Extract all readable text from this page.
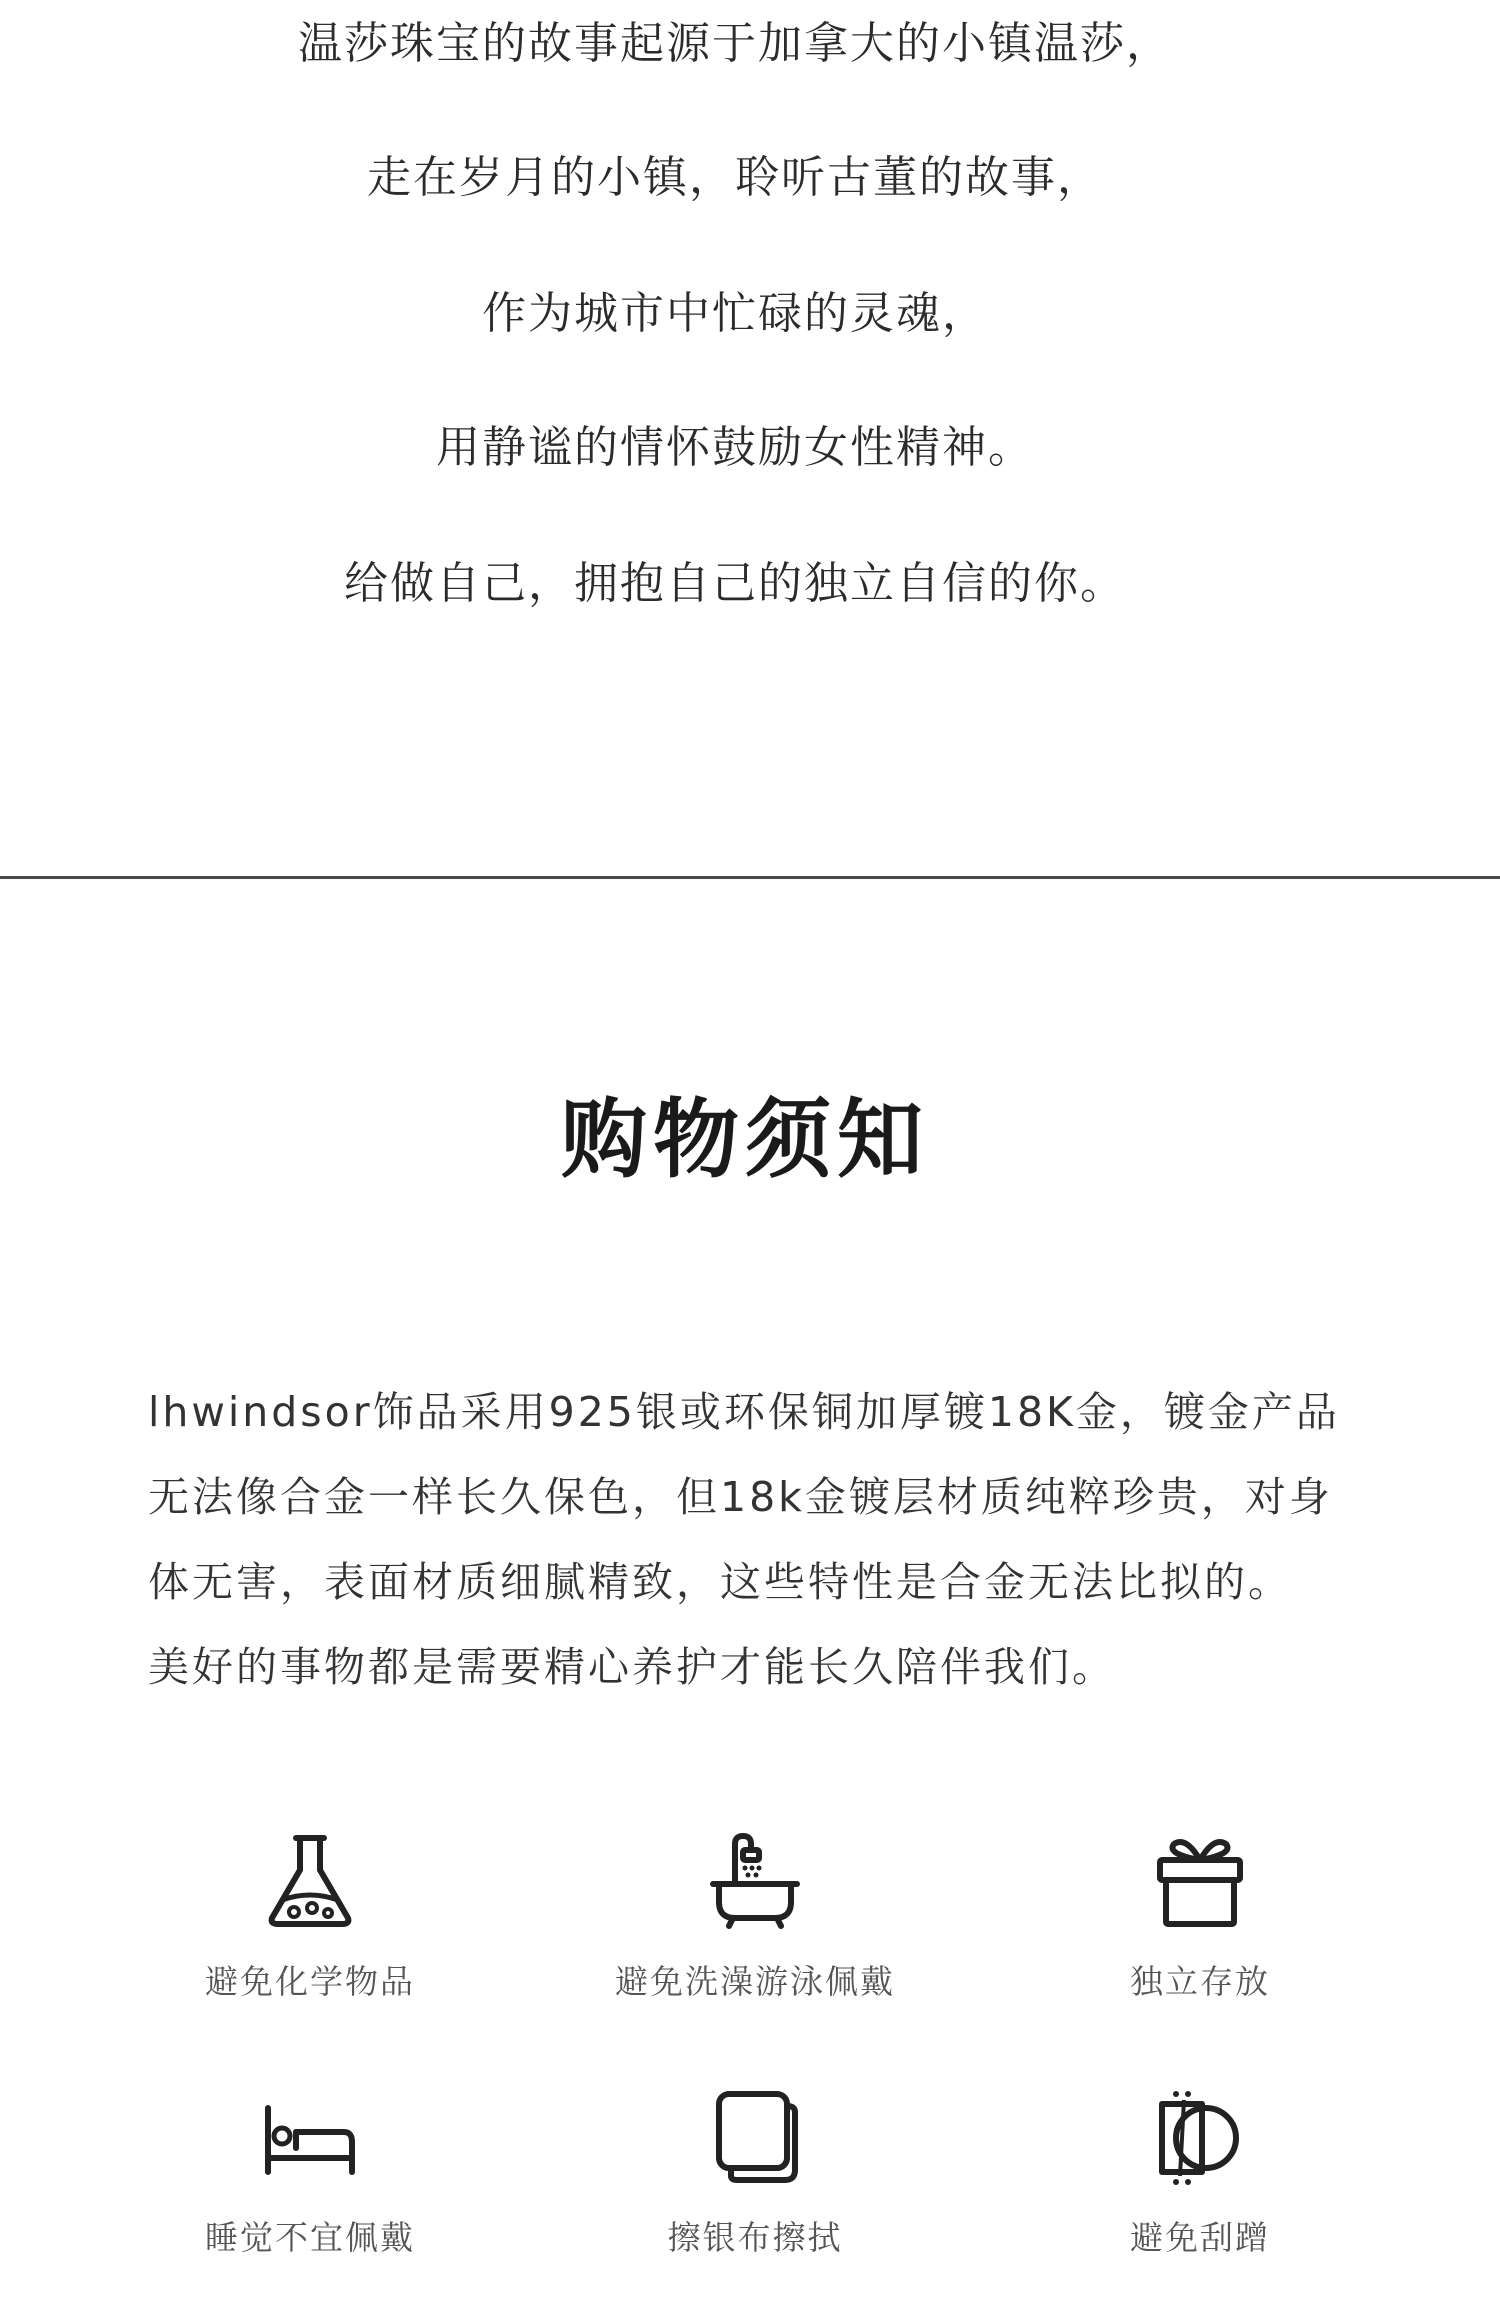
温莎珠宝的故事起源于加拿大的小镇温莎，
走在岁月的小镇，聆听古董的故事，
作为城市中忙碌的灵魂，
用静谧的情怀鼓励女性精神。
给做自己，拥抱自己的独立自信的你。
购物须知
lhwindsor饰品采用925银或环保铜加厚镀18K金，镀金产品
无法像合金一样长久保色，但18k金镀层材质纯粹珍贵，对身
体无害，表面材质细腻精致，这些特性是合金无法比拟的。
美好的事物都是需要精心养护才能长久陪伴我们。
避免化学物品	避免洗澡游泳佩戴	独立存放
睡觉不宜佩戴	擦银布擦拭	避免刮蹭
